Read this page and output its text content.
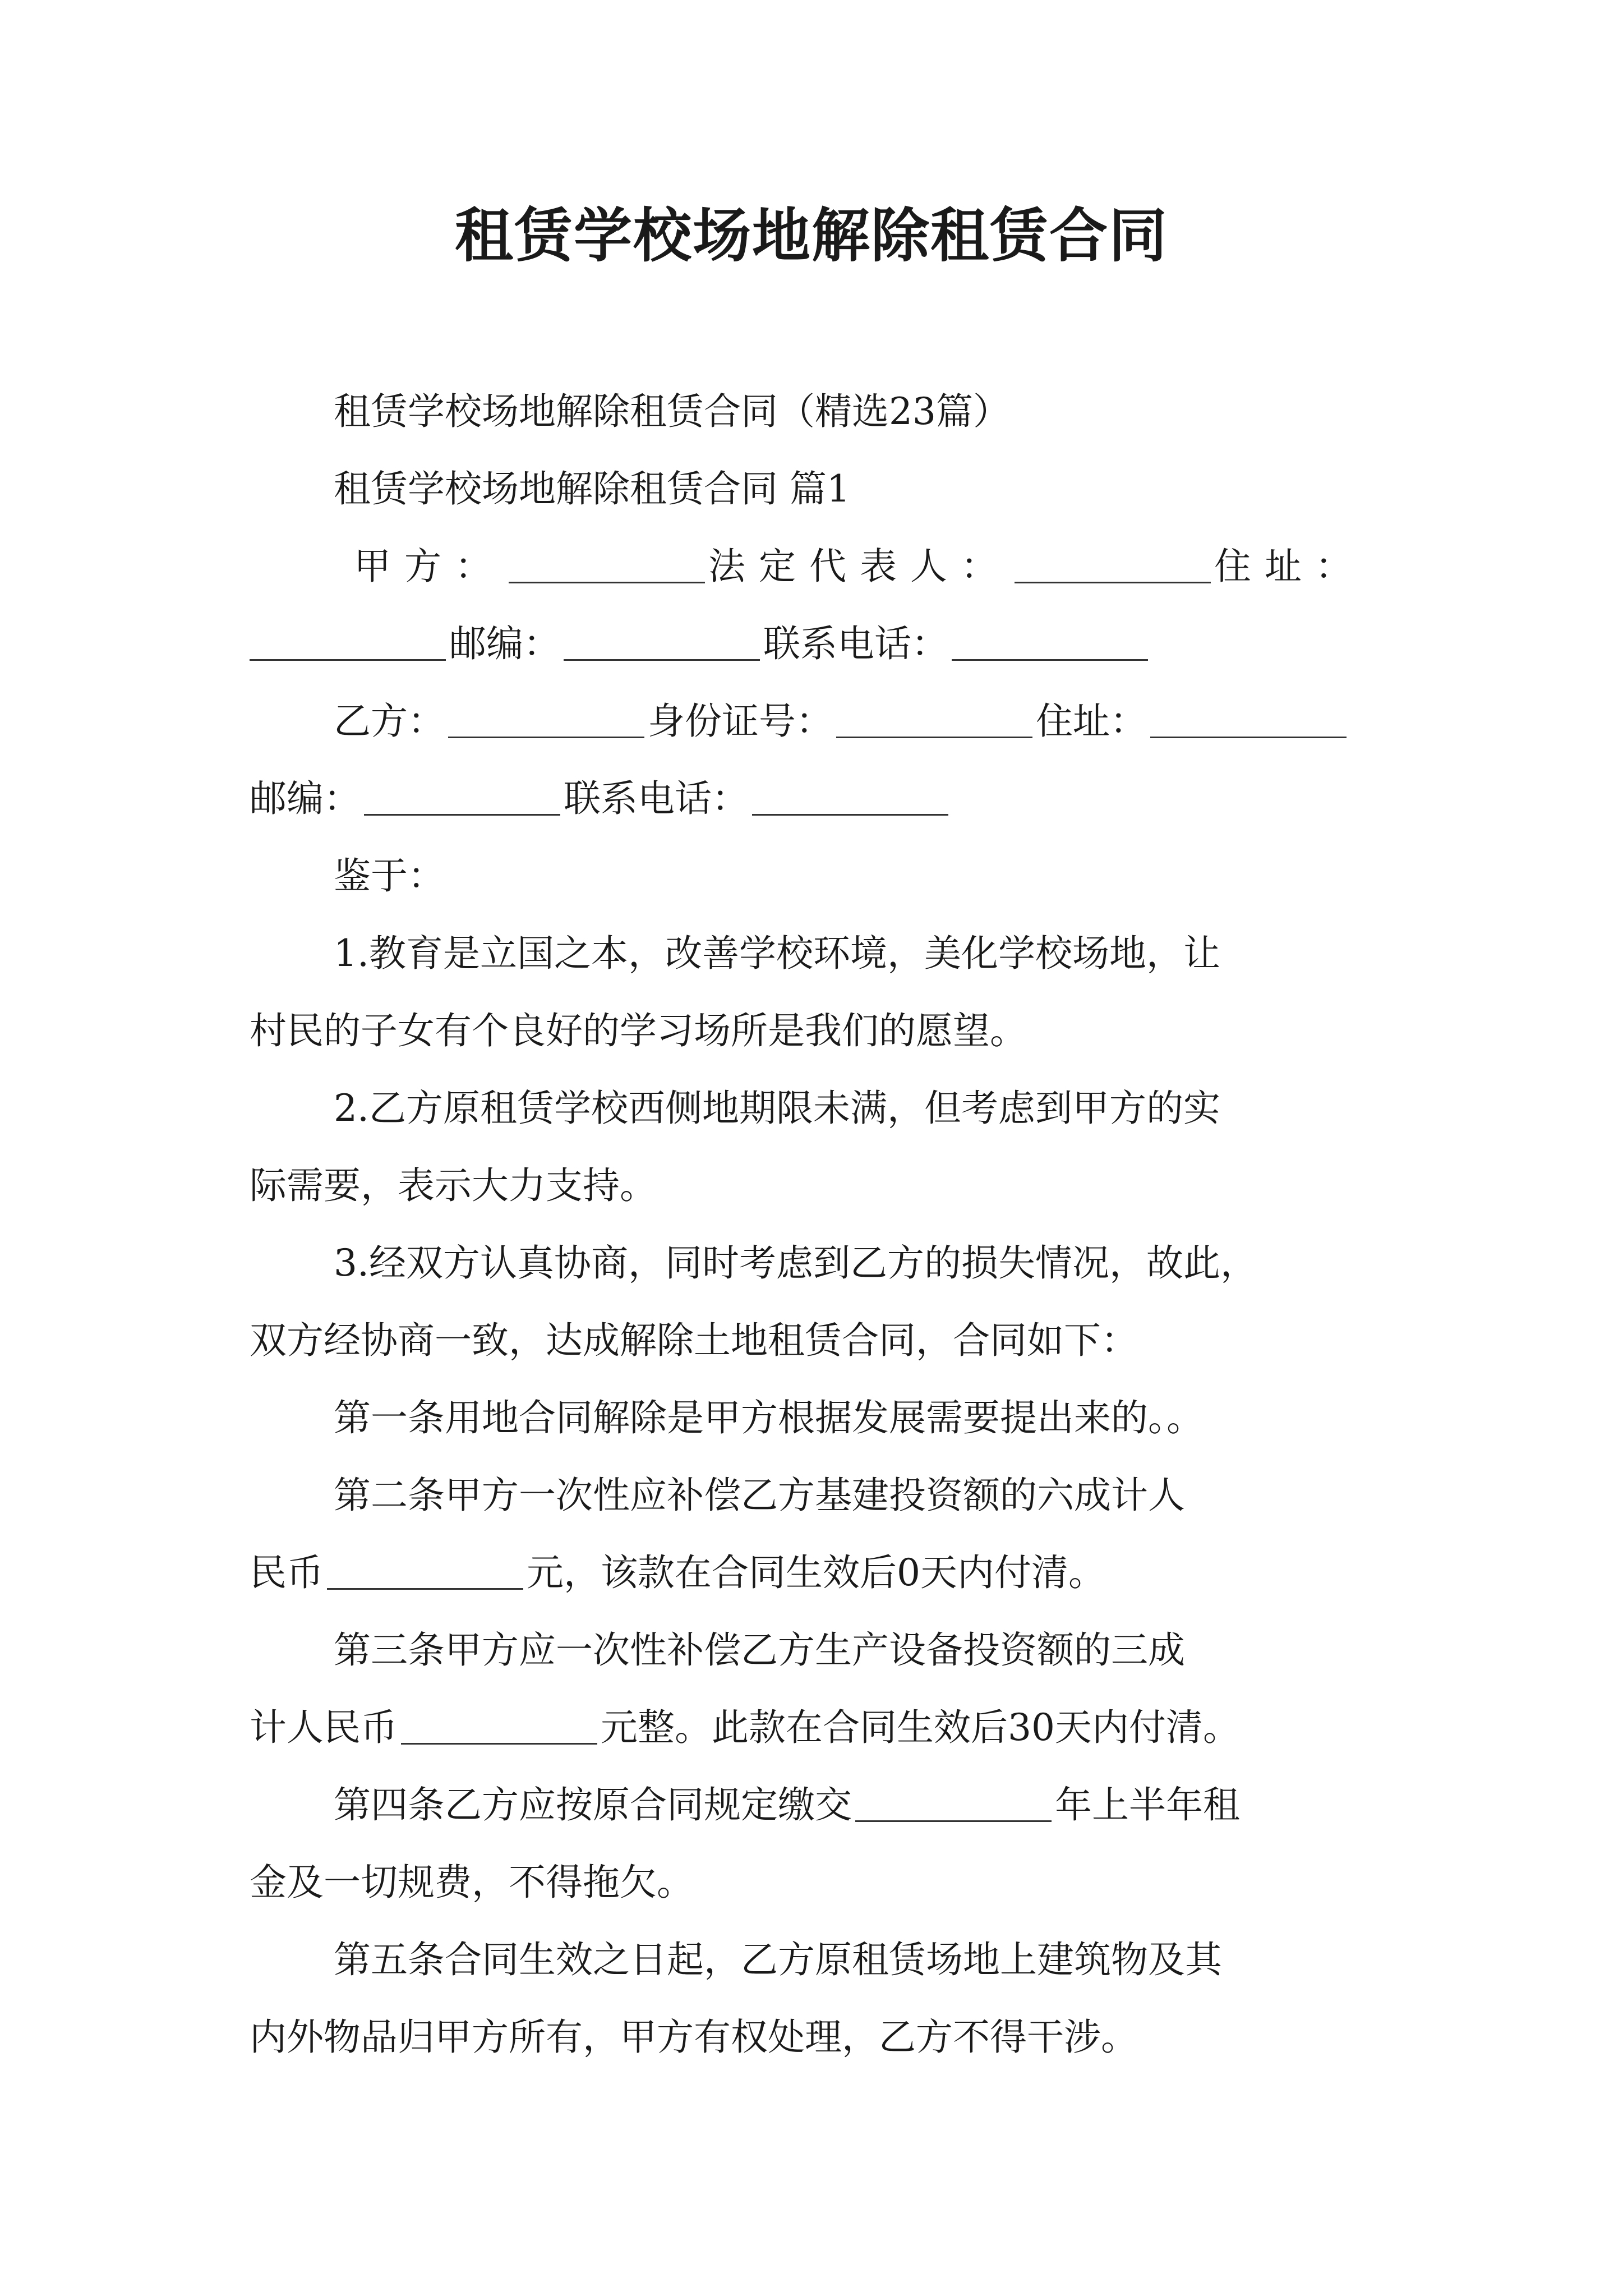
租赁学校场地解除租赁合同
租赁学校场地解除租赁合同（精选23篇）
租赁学校场地解除租赁合同 篇1
甲方：	法定代表人：	住址：
邮编：	联系电话：
乙方：	身份证号：	住址：
邮编：	联系电话：
鉴于：
1.教育是立国之本，改善学校环境，美化学校场地，让
村民的子女有个良好的学习场所是我们的愿望。
2.乙方原租赁学校西侧地期限未满，但考虑到甲方的实
际需要，表示大力支持。
3.经双方认真协商，同时考虑到乙方的损失情况，故此，
双方经协商一致，达成解除土地租赁合同，合同如下：
第一条用地合同解除是甲方根据发展需要提出来的。。
第二条甲方一次性应补偿乙方基建投资额的六成计人
民币	元，该款在合同生效后0天内付清。
第三条甲方应一次性补偿乙方生产设备投资额的三成
计人民币	元整。此款在合同生效后30天内付清。
第四条乙方应按原合同规定缴交	年上半年租
金及一切规费，不得拖欠。
第五条合同生效之日起，乙方原租赁场地上建筑物及其
内外物品归甲方所有，甲方有权处理，乙方不得干涉。
